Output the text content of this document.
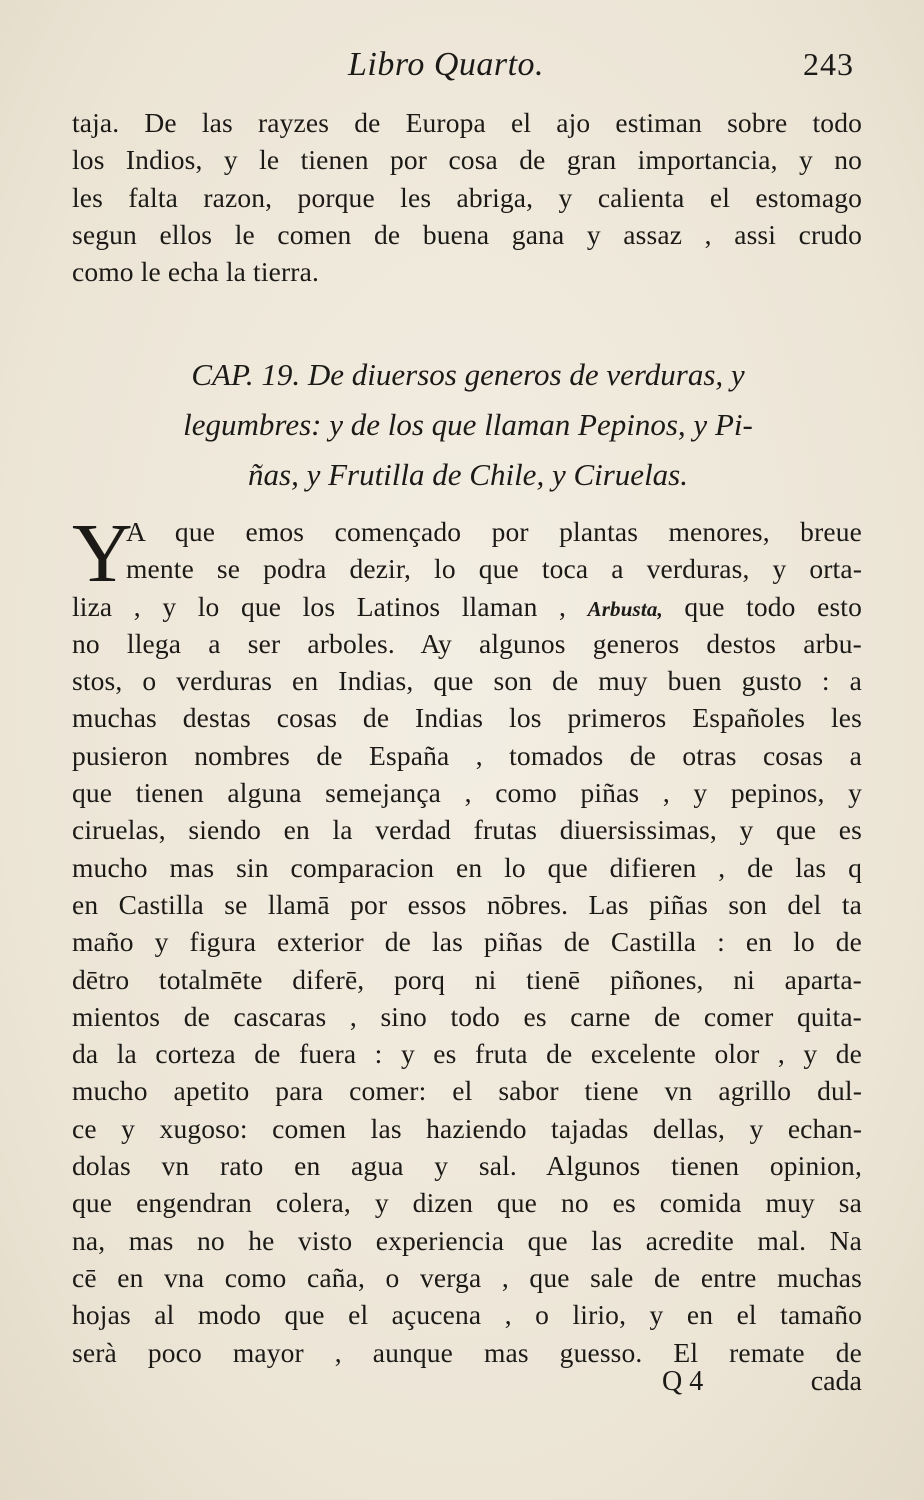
Libro Quarto.	243
taja. De las rayzes de Europa el ajo estiman sobre todo
los Indios, y le tienen por cosa de gran importancia, y no
les falta razon, porque les abriga, y calienta el estomago
segun ellos le comen de buena gana y assaz , assi crudo
como le echa la tierra.
CAP. 19. De diuersos generos de verduras, y
legumbres: y de los que llaman Pepinos, y Pi-
ñas, y Frutilla de Chile, y Ciruelas.
Y
A que emos començado por plantas menores, breue
mente se podra dezir, lo que toca a verduras, y orta-
liza , y lo que los Latinos llaman , Arbusta, que todo esto
no llega a ser arboles. Ay algunos generos destos arbu-
stos, o verduras en Indias, que son de muy buen gusto : a
muchas destas cosas de Indias los primeros Españoles les
pusieron nombres de España , tomados de otras cosas a
que tienen alguna semejança , como piñas , y pepinos, y
ciruelas, siendo en la verdad frutas diuersissimas, y que es
mucho mas sin comparacion en lo que difieren , de las q
en Castilla se llamā por essos nōbres. Las piñas son del ta
maño y figura exterior de las piñas de Castilla : en lo de
dētro totalmēte diferē, porq ni tienē piñones, ni aparta-
mientos de cascaras , sino todo es carne de comer quita-
da la corteza de fuera : y es fruta de excelente olor , y de
mucho apetito para comer: el sabor tiene vn agrillo dul-
ce y xugoso: comen las haziendo tajadas dellas, y echan-
dolas vn rato en agua y sal. Algunos tienen opinion,
que engendran colera, y dizen que no es comida muy sa
na, mas no he visto experiencia que las acredite mal. Na
cē en vna como caña, o verga , que sale de entre muchas
hojas al modo que el açucena , o lirio, y en el tamaño
serà poco mayor , aunque mas guesso. El remate de
Q 4	cada
